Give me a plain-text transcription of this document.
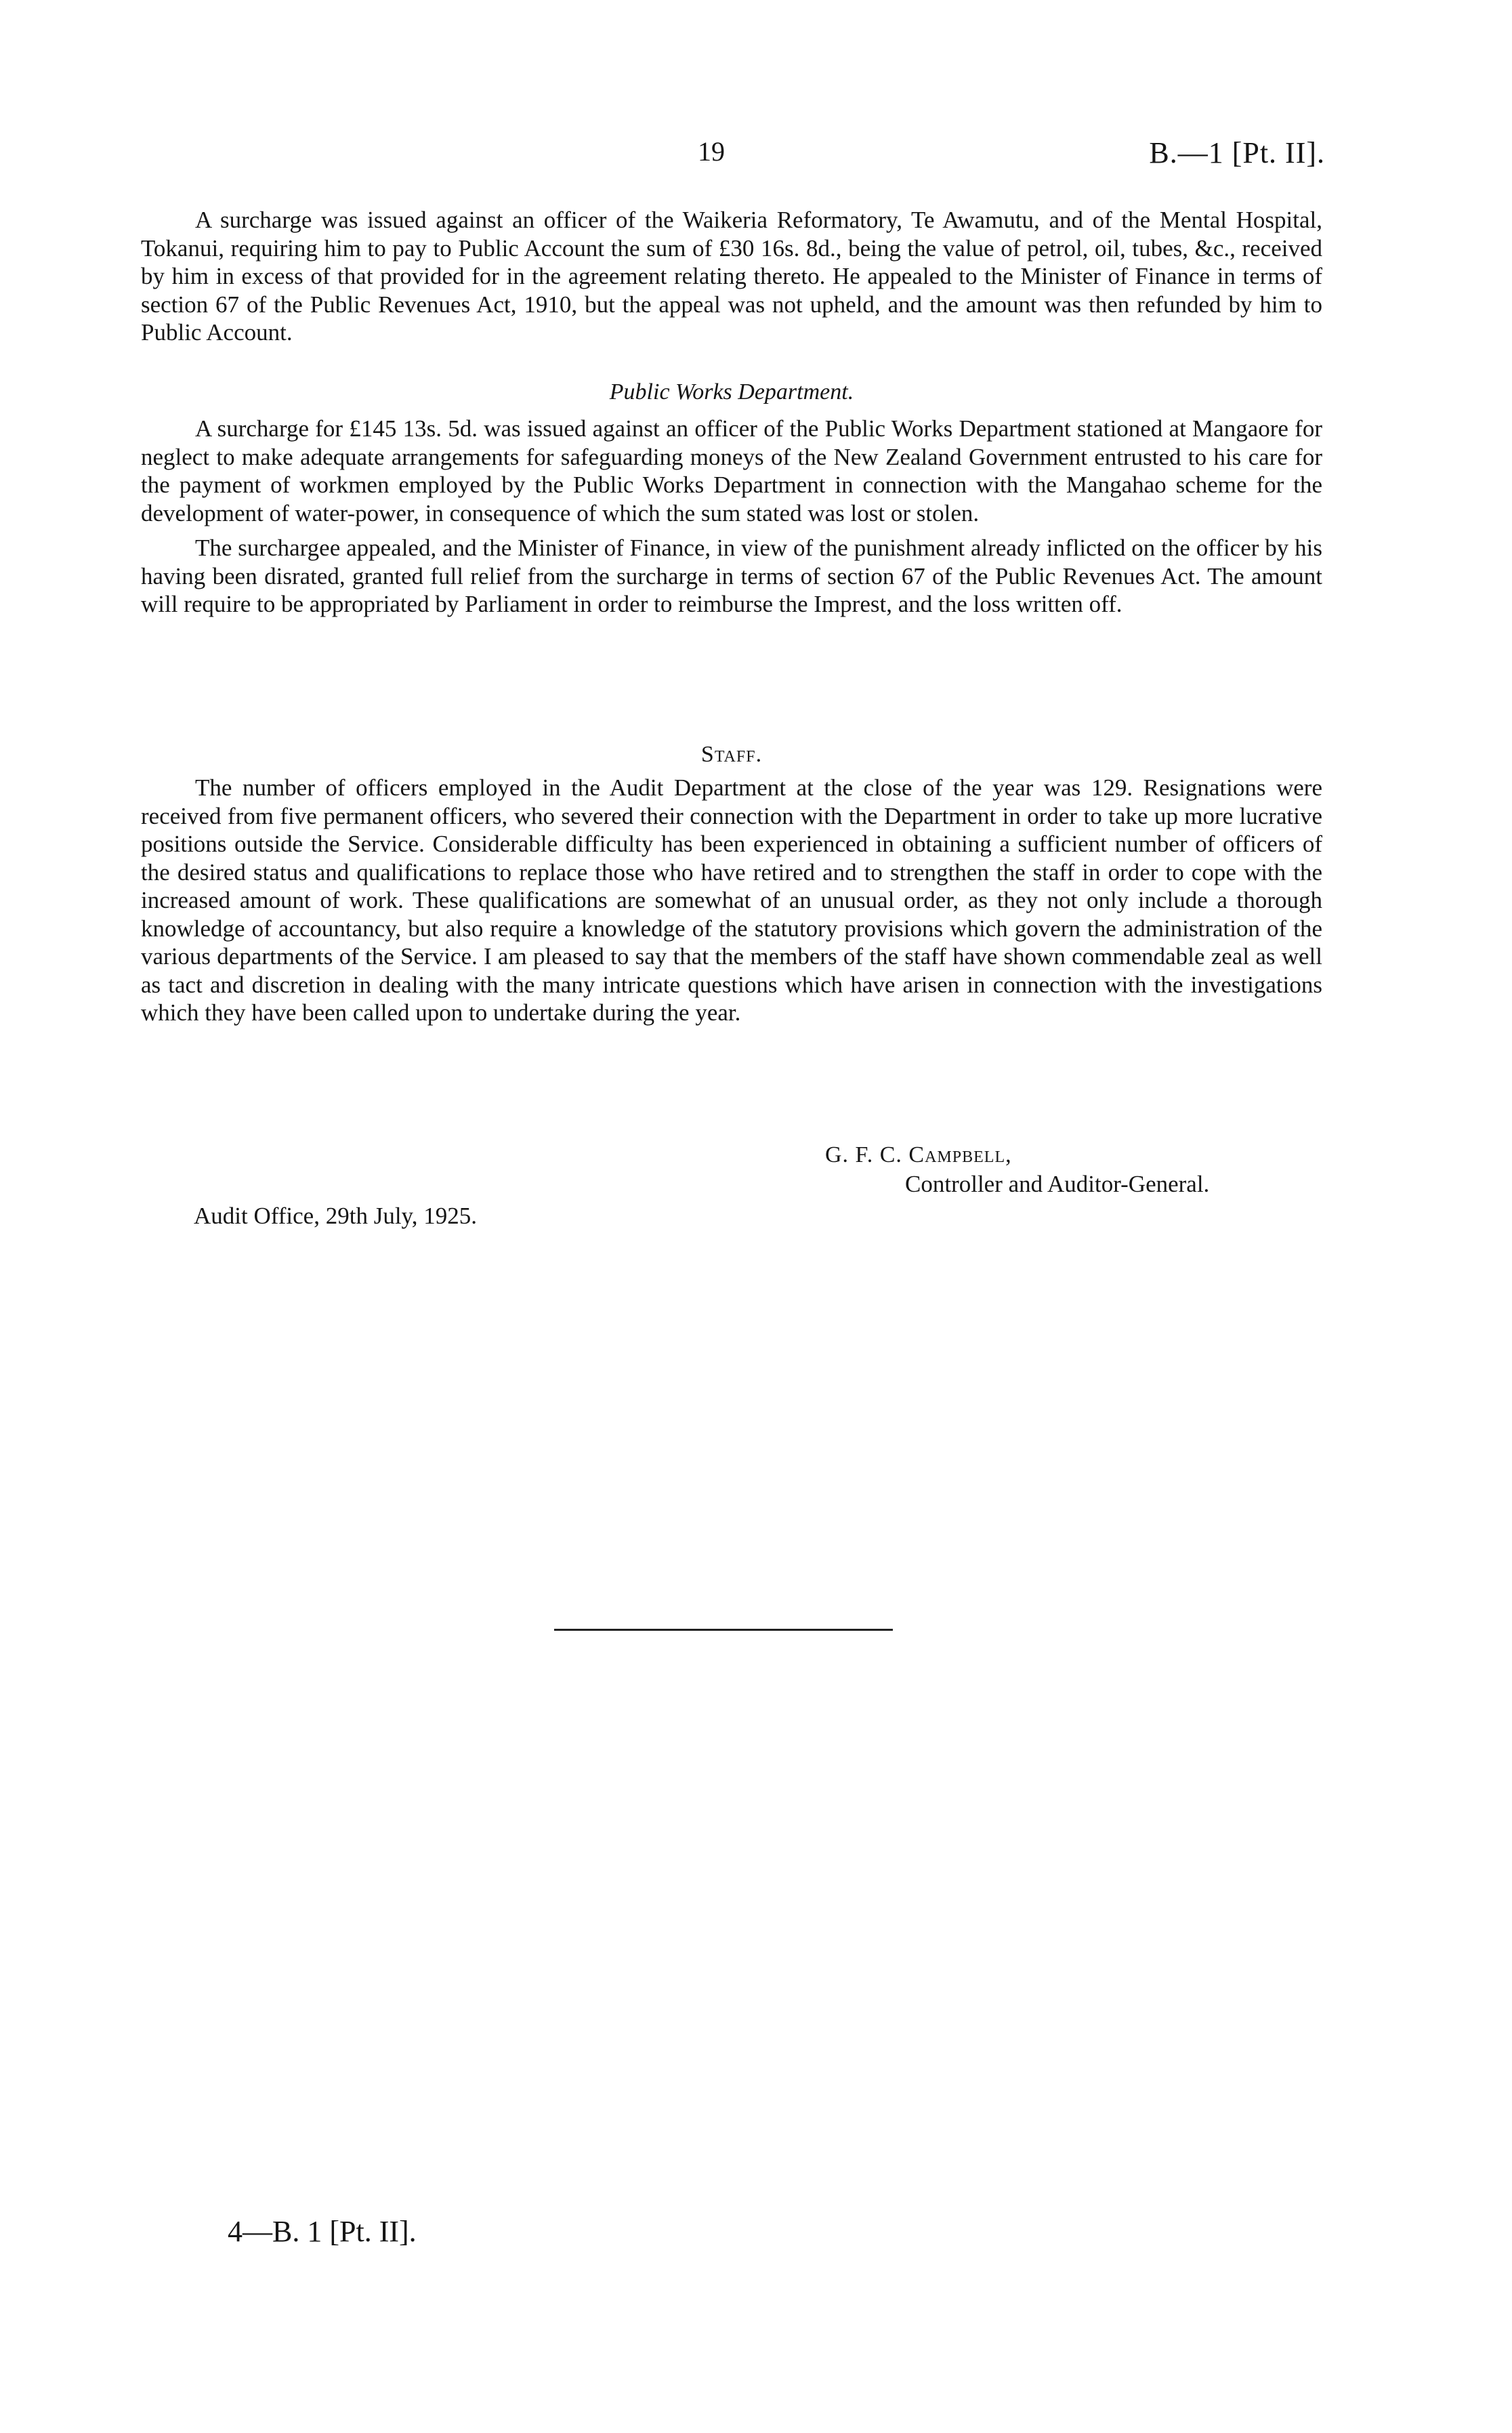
19	B.—1 [Pt. II].

A surcharge was issued against an officer of the Waikeria Reformatory, Te Awamutu, and of the Mental Hospital, Tokanui, requiring him to pay to Public Account the sum of £30 16s. 8d., being the value of petrol, oil, tubes, &c., received by him in excess of that provided for in the agreement relating thereto. He appealed to the Minister of Finance in terms of section 67 of the Public Revenues Act, 1910, but the appeal was not upheld, and the amount was then refunded by him to Public Account.

Public Works Department.

A surcharge for £145 13s. 5d. was issued against an officer of the Public Works Department stationed at Mangaore for neglect to make adequate arrangements for safeguarding moneys of the New Zealand Government entrusted to his care for the payment of workmen employed by the Public Works Department in connection with the Mangahao scheme for the development of water-power, in consequence of which the sum stated was lost or stolen.

The surchargee appealed, and the Minister of Finance, in view of the punishment already inflicted on the officer by his having been disrated, granted full relief from the surcharge in terms of section 67 of the Public Revenues Act. The amount will require to be appropriated by Parliament in order to reimburse the Imprest, and the loss written off.

Staff.

The number of officers employed in the Audit Department at the close of the year was 129. Resignations were received from five permanent officers, who severed their connection with the Department in order to take up more lucrative positions outside the Service. Considerable difficulty has been experienced in obtaining a sufficient number of officers of the desired status and qualifications to replace those who have retired and to strengthen the staff in order to cope with the increased amount of work. These qualifications are somewhat of an unusual order, as they not only include a thorough knowledge of accountancy, but also require a knowledge of the statutory provisions which govern the administration of the various departments of the Service. I am pleased to say that the members of the staff have shown commendable zeal as well as tact and discretion in dealing with the many intricate questions which have arisen in connection with the investigations which they have been called upon to undertake during the year.

G. F. C. Campbell,
Controller and Auditor-General.
Audit Office, 29th July, 1925.
4—B. 1 [Pt. II].
